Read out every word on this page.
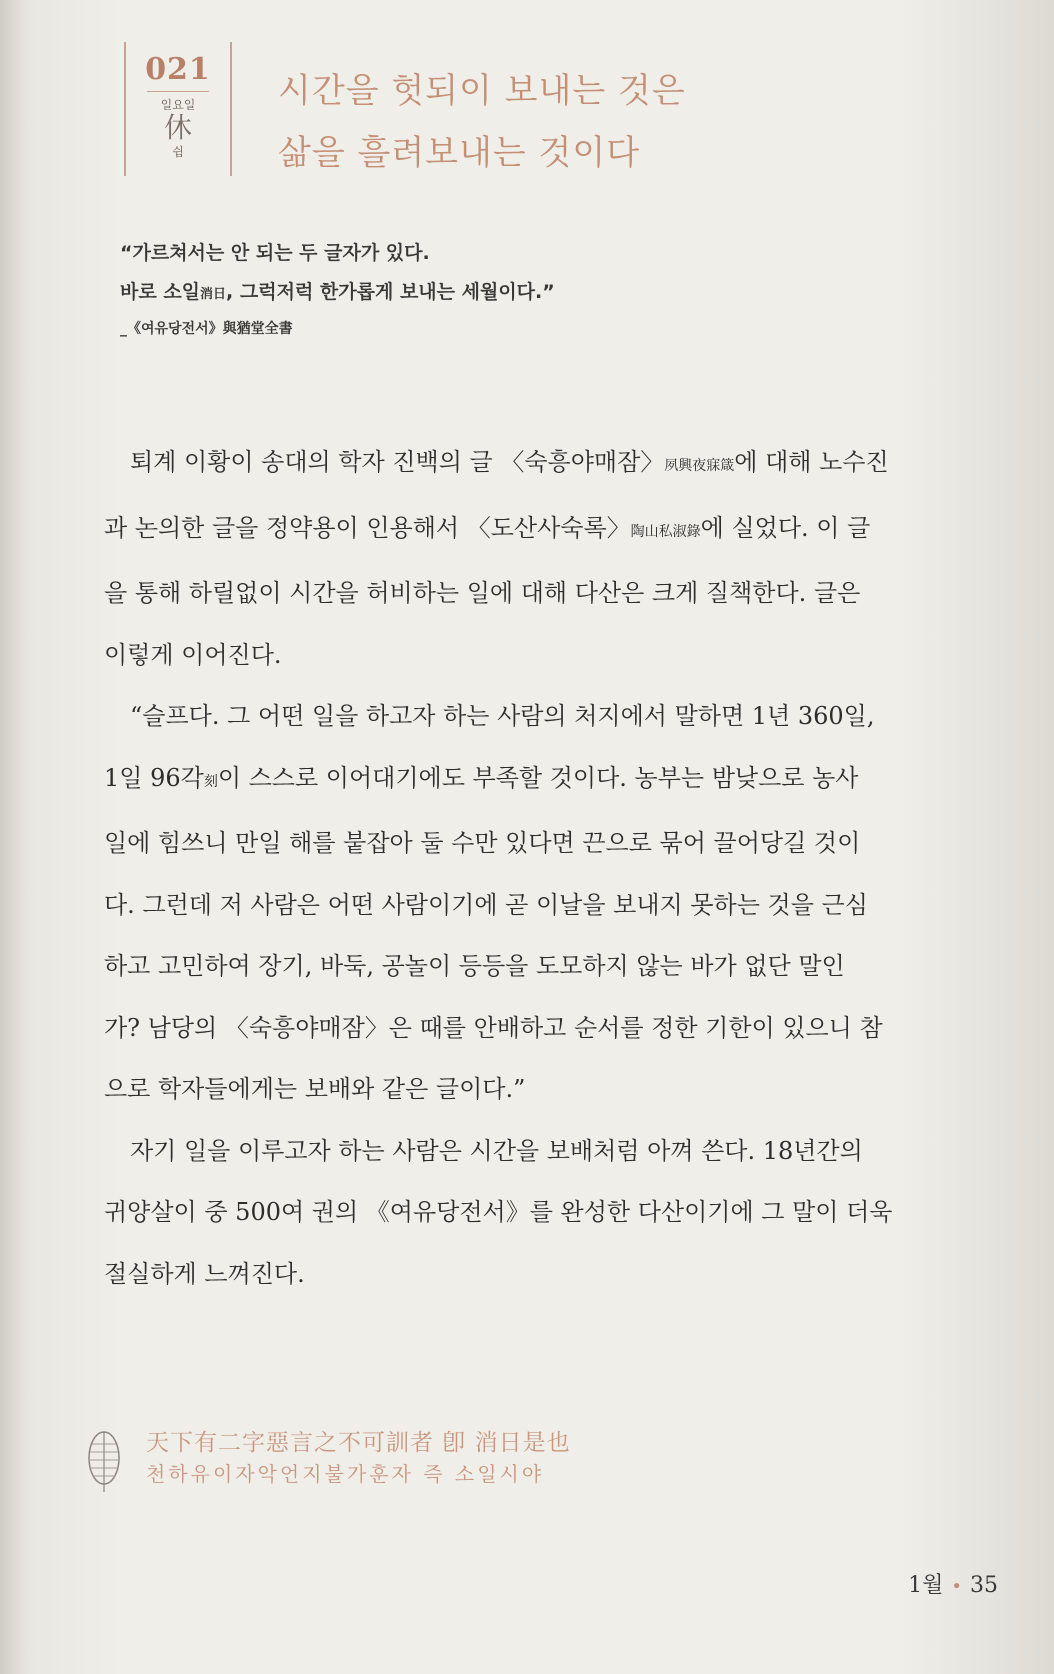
021
일요일
休
쉼
시간을 헛되이 보내는 것은
삶을 흘려보내는 것이다
“가르쳐서는 안 되는 두 글자가 있다.
바로 소일消日, 그럭저럭 한가롭게 보내는 세월이다.”
_《여유당전서》與猶堂全書

퇴계 이황이 송대의 학자 진백의 글 〈숙흥야매잠〉夙興夜寐箴에 대해 노수진

과 논의한 글을 정약용이 인용해서 〈도산사숙록〉陶山私淑錄에 실었다. 이 글

을 통해 하릴없이 시간을 허비하는 일에 대해 다산은 크게 질책한다. 글은

이렇게 이어진다.

“슬프다. 그 어떤 일을 하고자 하는 사람의 처지에서 말하면 1년 360일,

1일 96각刻이 스스로 이어대기에도 부족할 것이다. 농부는 밤낮으로 농사

일에 힘쓰니 만일 해를 붙잡아 둘 수만 있다면 끈으로 묶어 끌어당길 것이

다. 그런데 저 사람은 어떤 사람이기에 곧 이날을 보내지 못하는 것을 근심

하고 고민하여 장기, 바둑, 공놀이 등등을 도모하지 않는 바가 없단 말인

가? 남당의 〈숙흥야매잠〉은 때를 안배하고 순서를 정한 기한이 있으니 참

으로 학자들에게는 보배와 같은 글이다.”

자기 일을 이루고자 하는 사람은 시간을 보배처럼 아껴 쓴다. 18년간의

귀양살이 중 500여 권의 《여유당전서》를 완성한 다산이기에 그 말이 더욱

절실하게 느껴진다.

天下有二字惡言之不可訓者 卽 消日是也
천하유이자악언지불가훈자 즉 소일시야
1월 • 35
